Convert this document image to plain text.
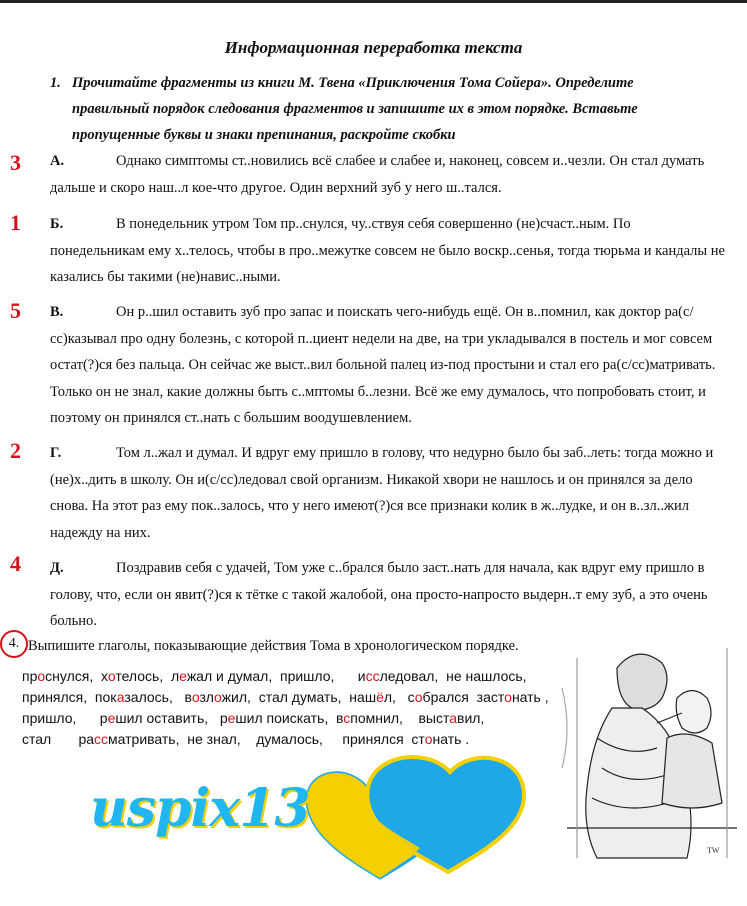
Информационная переработка текста
1. Прочитайте фрагменты из книги М. Твена «Приключения Тома Сойера». Определите правильный порядок следования фрагментов и запишите их в этом порядке. Вставьте пропущенные буквы и знаки препинания, раскройте скобки
3 А.	Однако симптомы ст..новились всё слабее и слабее и, наконец, совсем и..чезли. Он стал думать дальше и скоро наш..л кое-что другое. Один верхний зуб у него ш..тался.
1 Б.	В понедельник утром Том пр..снулся, чу..ствуя себя совершенно (не)счаст..ным. По понедельникам ему х..телось, чтобы в про..межутке совсем не было воскр..сенья, тогда тюрьма и кандалы не казались бы такими (не)навис..ными.
5 В.	Он р..шил оставить зуб про запас и поискать чего-нибудь ещё. Он в..помнил, как доктор ра(с/сс)казывал про одну болезнь, с которой п..циент недели на две, на три укладывался в постель и мог совсем остат(?)ся без пальца. Он сейчас же выст..вил больной палец из-под простыни и стал его ра(с/сс)матривать. Только он не знал, какие должны быть с..мптомы б..лезни. Всё же ему думалось, что попробовать стоит, и поэтому он принялся ст..нать с большим воодушевлением.
2 Г.	Том л..жал и думал. И вдруг ему пришло в голову, что недурно было бы заб..леть: тогда можно и (не)х..дить в школу. Он и(с/сс)ледовал свой организм. Никакой хвори не нашлось и он принялся за дело снова. На этот раз ему пок..залось, что у него имеют(?)ся все признаки колик в ж..лудке, и он в..зл..жил надежду на них.
4 Д.	Поздравив себя с удачей, Том уже с..брался было заст..нать для начала, как вдруг ему пришло в голову, что, если он явит(?)ся к тётке с такой жалобой, она просто-напросто выдерн..т ему зуб, а это очень больно.
4. Выпишите глаголы, показывающие действия Тома в хронологическом порядке.
проснулся,  хотелось,  лежал и думал,  пришло,      исследовал,  не нашлось,
принялся,  показалось,   возложил,  стал думать,  нашёл,   собрался  застонать ,
пришло,      решил оставить,   решил поискать,  вспомнил,    выставил,
стал       рассматривать,  не знал,    думалось,     принялся  стонать .
TW
uspix13
